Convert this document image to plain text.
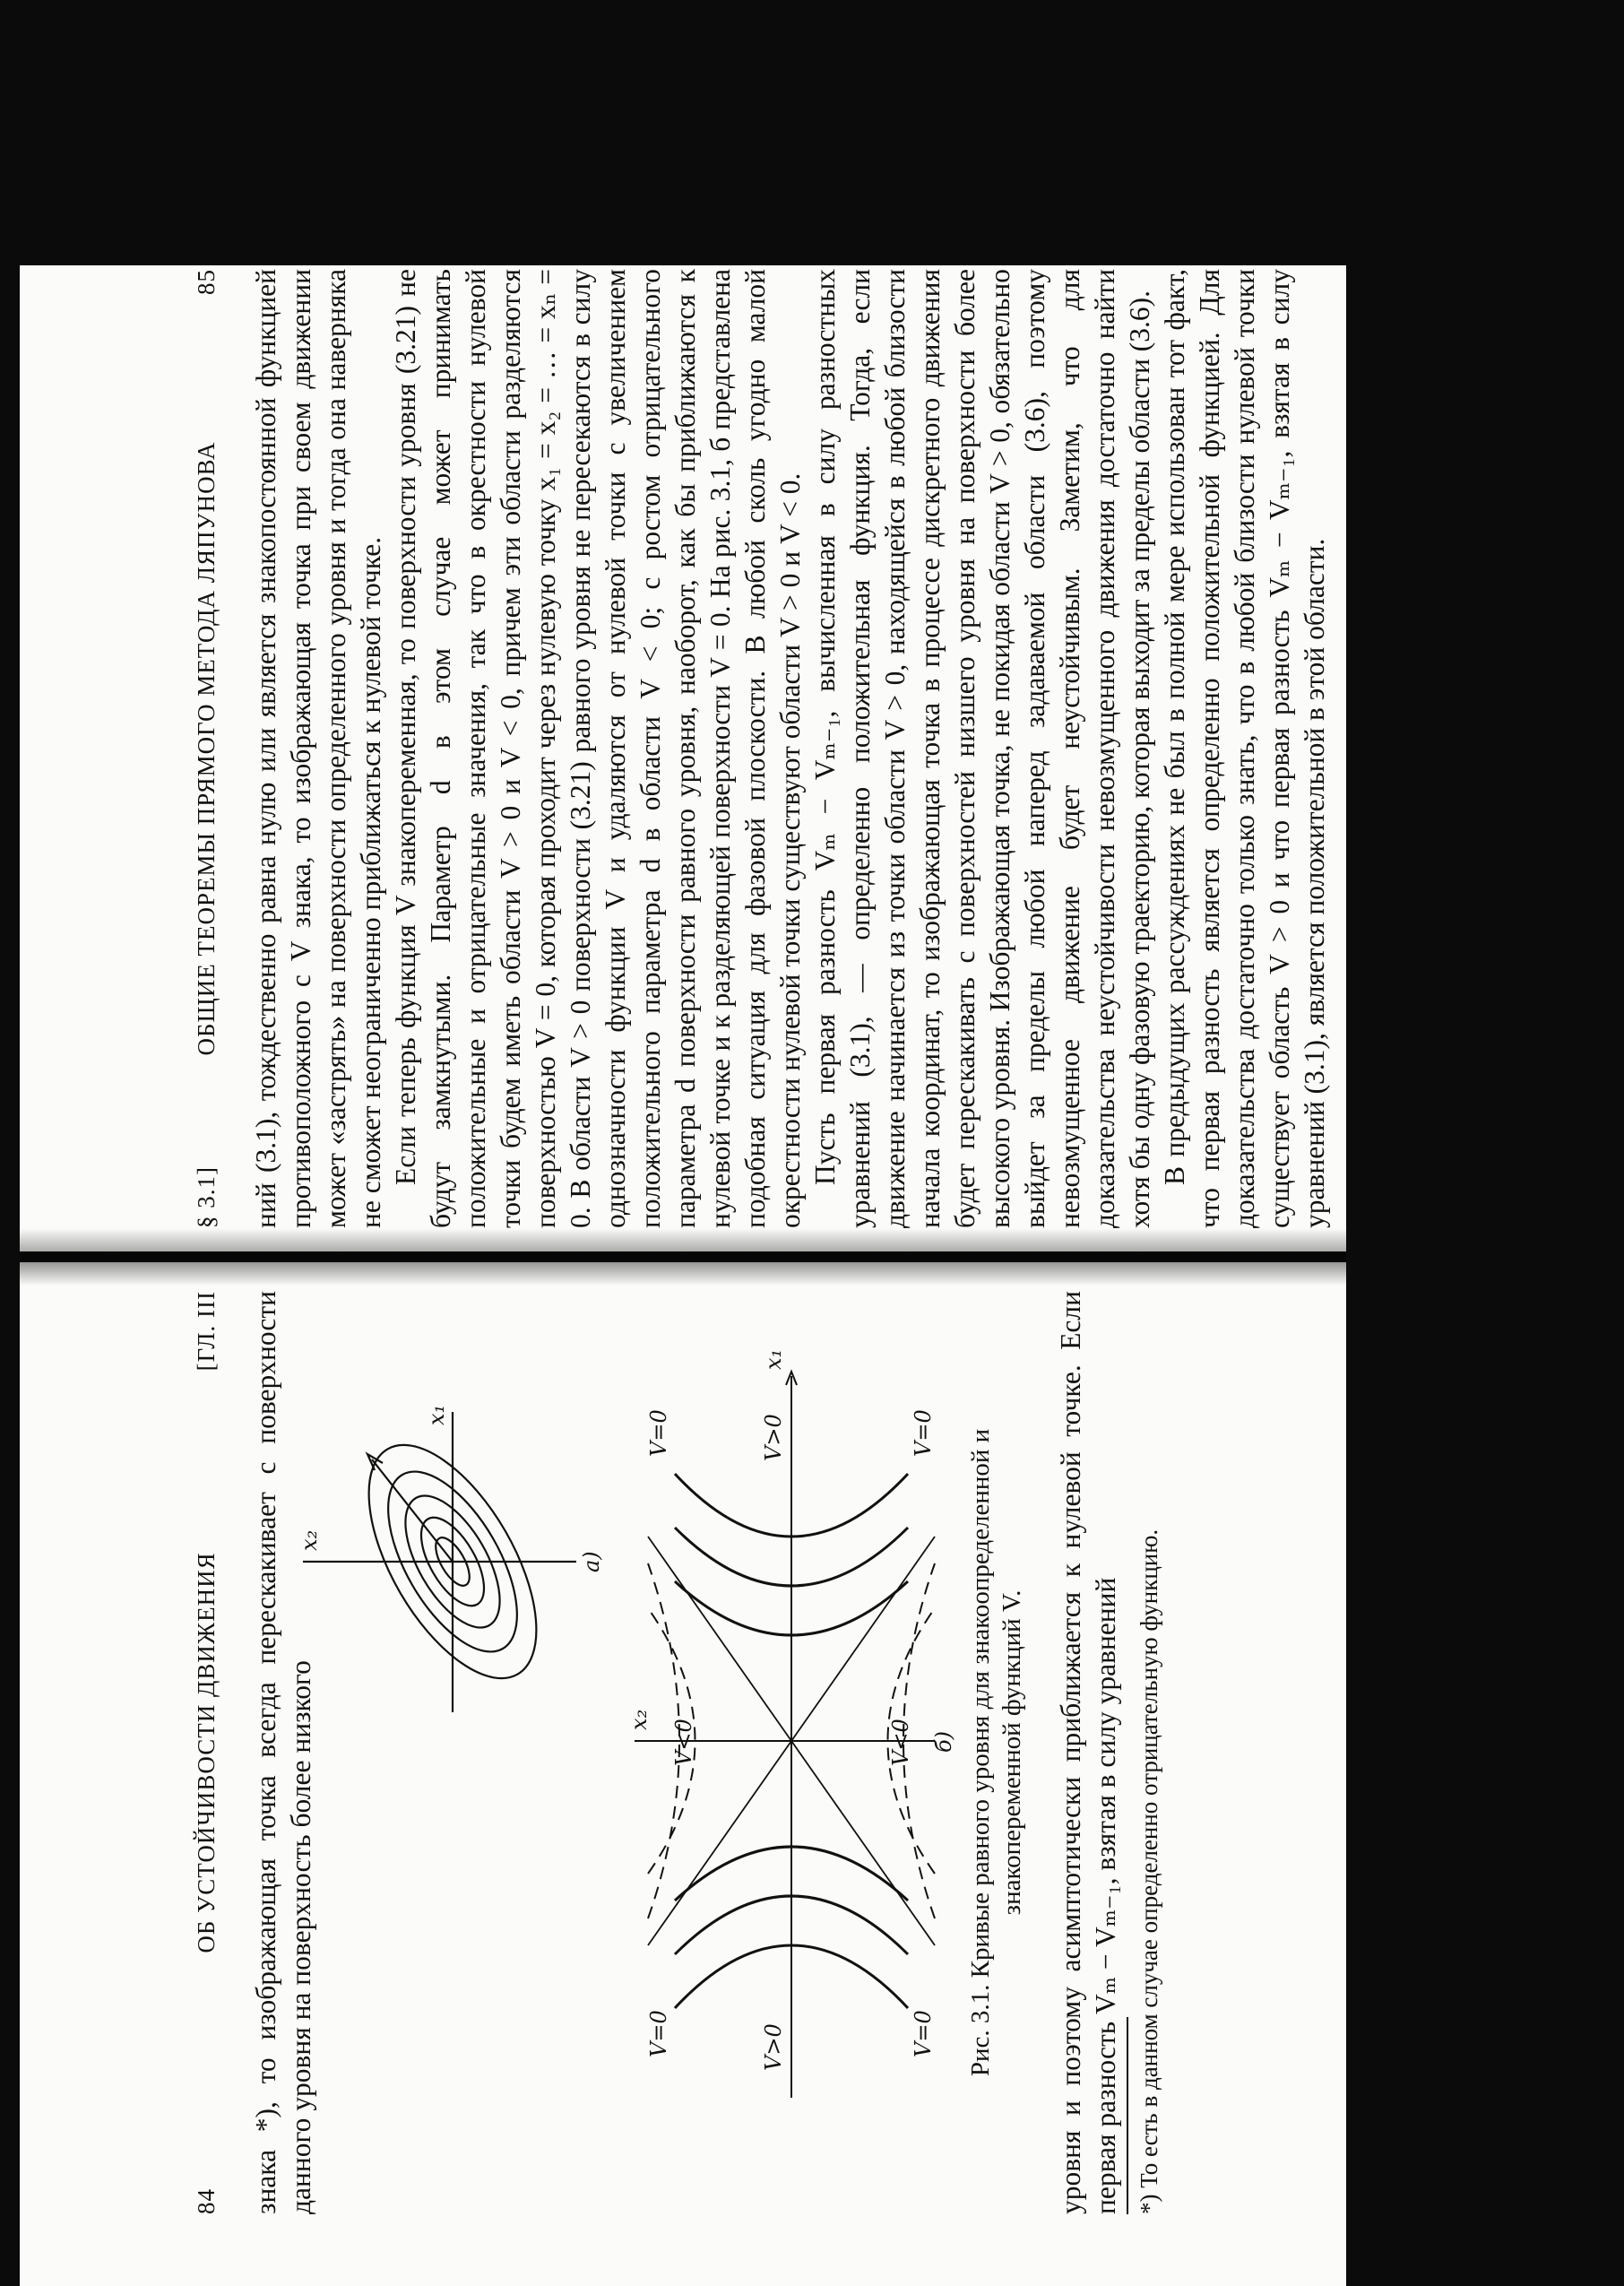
§ 3.1]
ОБЩИЕ ТЕОРЕМЫ ПРЯМОГО МЕТОДА ЛЯПУНОВА
85 ний (3.1), тождественно равна нулю или является знакопостоянной функцией противоположного с V знака, то изображающая точка при своем движении может «застрять» на поверхности определенного уровня и тогда она наверняка не сможет неограниченно приближаться к нулевой точке. Если теперь функция V знакопеременная, то поверхности уровня (3.21) не будут замкнутыми. Параметр d в этом случае может принимать положительные и отрицательные значения, так что в окрестности нулевой точки будем иметь области V > 0 и V < 0, причем эти области разделяются поверхностью V = 0, которая проходит через нулевую точку x₁ = x₂ = … = xₙ = 0. В области V > 0 поверхности (3.21) равного уровня не пересекаются в силу однозначности функции V и удаляются от нулевой точки с увеличением положительного параметра d в области V < 0; с ростом отрицательного параметра d поверхности равного уровня, наоборот, как бы приближаются к нулевой точке и к разделяющей поверхности V = 0. На рис. 3.1, б представлена подобная ситуация для фазовой плоскости. В любой сколь угодно малой окрестности нулевой точки существуют области V > 0 и V < 0. Пусть первая разность Vₘ − Vₘ₋₁, вычисленная в силу разностных уравнений (3.1), — определенно положительная функция. Тогда, если движение начинается из точки области V > 0, находящейся в любой близости начала координат, то изображающая точка в процессе дискретного движения будет перескакивать с поверхностей низшего уровня на поверхности более высокого уровня. Изображающая точка, не покидая области V > 0, обязательно выйдет за пределы любой наперед задаваемой области (3.6), поэтому невозмущенное движение будет неустойчивым. Заметим, что для доказательства неустойчивости невозмущенного движения достаточно найти хотя бы одну фазовую траекторию, которая выходит за пределы области (3.6). В предыдущих рассуждениях не был в полной мере использован тот факт, что первая разность является определенно положительной функцией. Для доказательства достаточно только знать, что в любой близости нулевой точки существует область V > 0 и что первая разность Vₘ − Vₘ₋₁, взятая в силу уравнений (3.1), является положительной в этой области.

84
ОБ УСТОЙЧИВОСТИ ДВИЖЕНИЯ
[ГЛ. III знака *), то изображающая точка всегда перескакивает с поверхности данного уровня на поверхность более низкого

x₂
x₁
а)
x₂
x₁
V=0
V=0
V>0
V<0
V>0
V<0
V=0
V=0
б) Рис. 3.1. Кривые равного уровня для знакоопределенной и знакопеременной функций V. уровня и поэтому асимптотически приближается к нулевой точке. Если первая разность Vₘ − Vₘ₋₁, взятая в силу уравнений *) То есть в данном случае определенно отрицательную функцию.
